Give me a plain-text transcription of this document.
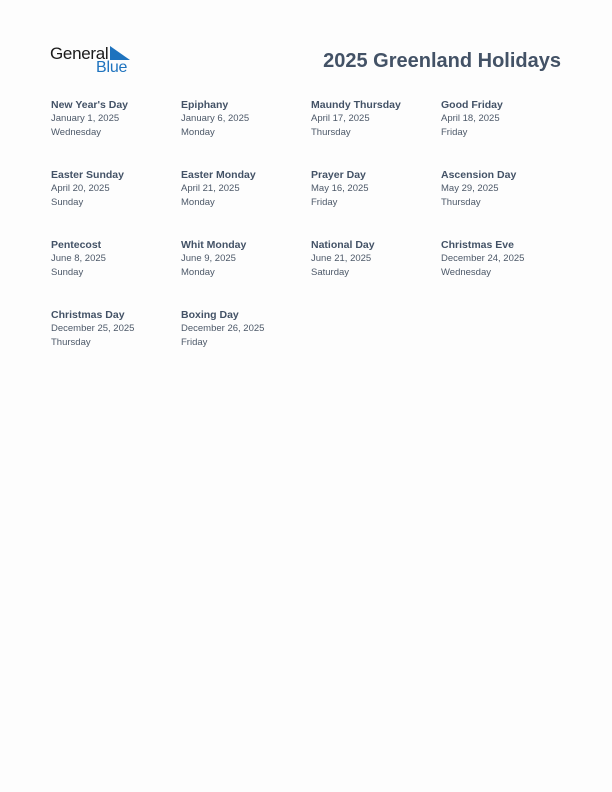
General
Blue	2025 Greenland Holidays
New Year's Day
January 1, 2025
Wednesday
Epiphany
January 6, 2025
Monday
Maundy Thursday
April 17, 2025
Thursday
Good Friday
April 18, 2025
Friday
Easter Sunday
April 20, 2025
Sunday
Easter Monday
April 21, 2025
Monday
Prayer Day
May 16, 2025
Friday
Ascension Day
May 29, 2025
Thursday
Pentecost
June 8, 2025
Sunday
Whit Monday
June 9, 2025
Monday
National Day
June 21, 2025
Saturday
Christmas Eve
December 24, 2025
Wednesday
Christmas Day
December 25, 2025
Thursday
Boxing Day
December 26, 2025
Friday
